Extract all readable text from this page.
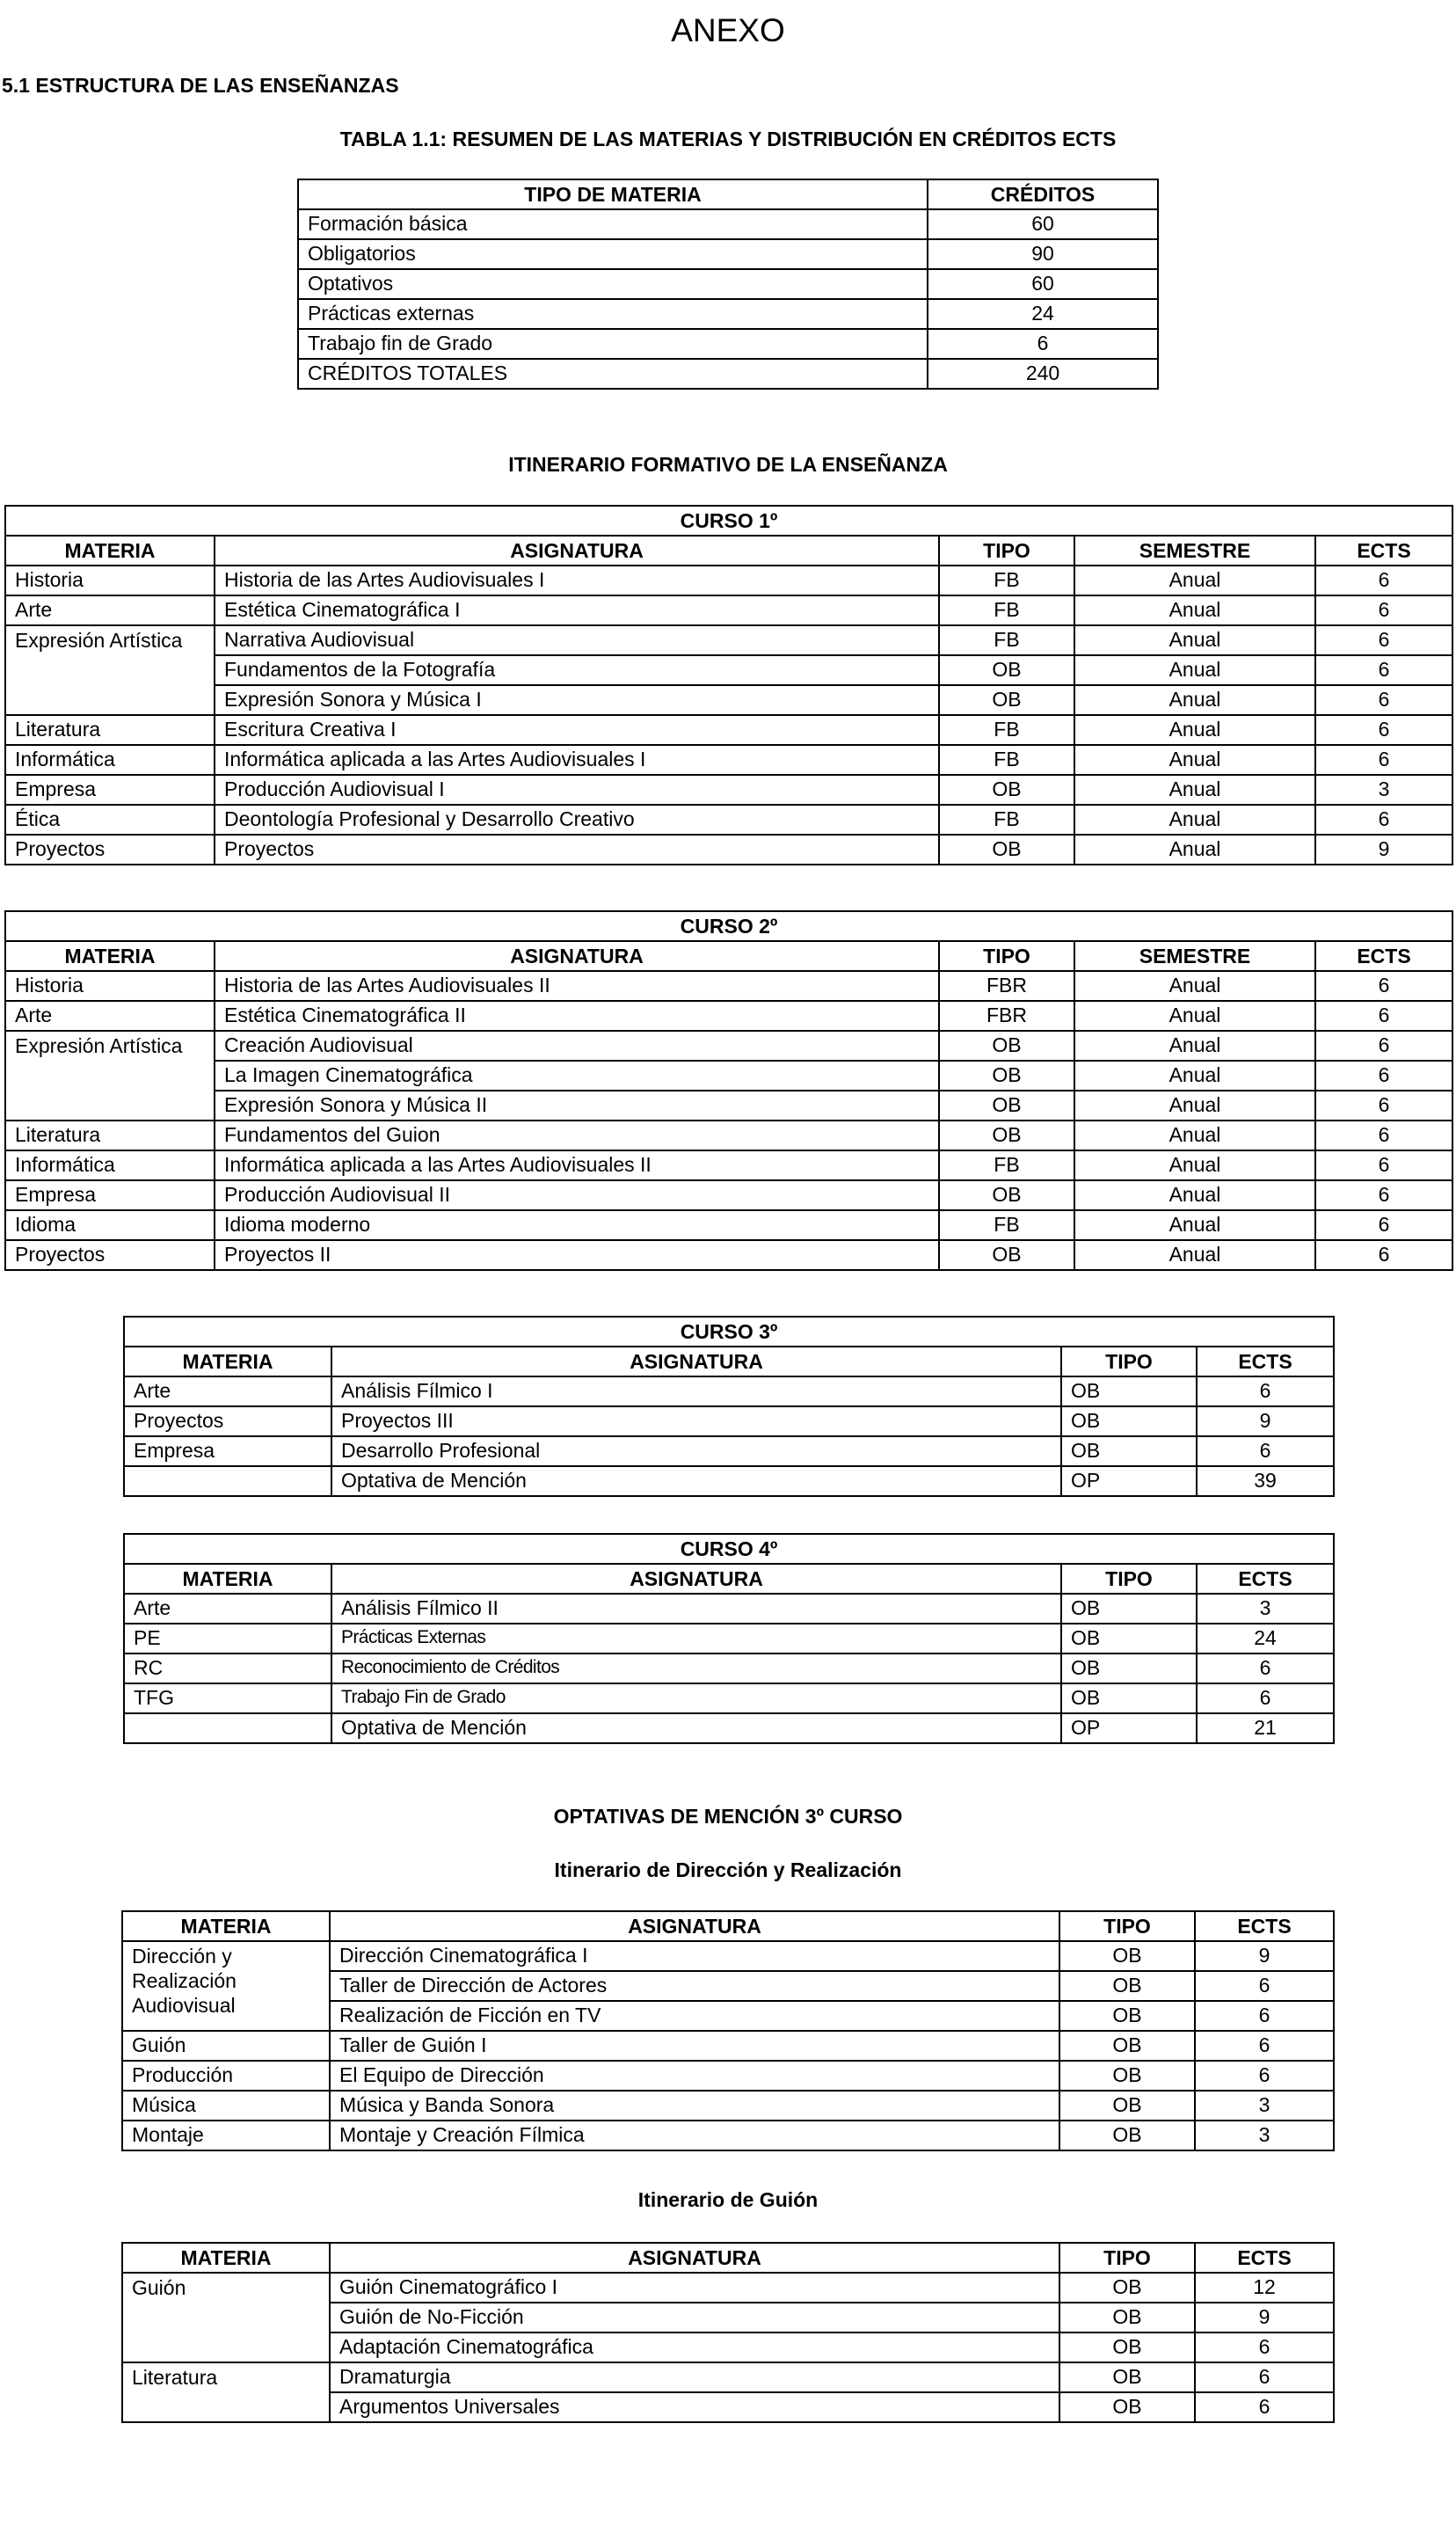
ANEXO
5.1 ESTRUCTURA DE LAS ENSEÑANZAS
TABLA 1.1: RESUMEN DE LAS MATERIAS Y DISTRIBUCIÓN EN CRÉDITOS ECTS
TIPO DE MATERIA	CRÉDITOS
Formación básica	60
Obligatorios	90
Optativos	60
Prácticas externas	24
Trabajo fin de Grado	6
CRÉDITOS TOTALES	240
ITINERARIO FORMATIVO DE LA ENSEÑANZA
CURSO 1º				
MATERIA	ASIGNATURA	TIPO	SEMESTRE	ECTS
Historia	Historia de las Artes Audiovisuales I	FB	Anual	6
Arte	Estética Cinematográfica I	FB	Anual	6
Expresión Artística	Narrativa Audiovisual	FB	Anual	6
	Fundamentos de la Fotografía	OB	Anual	6
	Expresión Sonora y Música I	OB	Anual	6
Literatura	Escritura Creativa I	FB	Anual	6
Informática	Informática aplicada a las Artes Audiovisuales I	FB	Anual	6
Empresa	Producción Audiovisual I	OB	Anual	3
Ética	Deontología Profesional y Desarrollo Creativo	FB	Anual	6
Proyectos	Proyectos	OB	Anual	9
CURSO 2º				
MATERIA	ASIGNATURA	TIPO	SEMESTRE	ECTS
Historia	Historia de las Artes Audiovisuales II	FBR	Anual	6
Arte	Estética Cinematográfica II	FBR	Anual	6
Expresión Artística	Creación Audiovisual	OB	Anual	6
	La Imagen Cinematográfica	OB	Anual	6
	Expresión Sonora y Música II	OB	Anual	6
Literatura	Fundamentos del Guion	OB	Anual	6
Informática	Informática aplicada a las Artes Audiovisuales II	FB	Anual	6
Empresa	Producción Audiovisual II	OB	Anual	6
Idioma	Idioma moderno	FB	Anual	6
Proyectos	Proyectos II	OB	Anual	6
CURSO 3º			
MATERIA	ASIGNATURA	TIPO	ECTS
Arte	Análisis Fílmico I	OB	6
Proyectos	Proyectos III	OB	9
Empresa	Desarrollo Profesional	OB	6
	Optativa de Mención	OP	39
CURSO 4º			
MATERIA	ASIGNATURA	TIPO	ECTS
Arte	Análisis Fílmico II	OB	3
PE	Prácticas Externas	OB	24
RC	Reconocimiento de Créditos	OB	6
TFG	Trabajo Fin de Grado	OB	6
	Optativa de Mención	OP	21
OPTATIVAS DE MENCIÓN 3º CURSO
Itinerario de Dirección y Realización
MATERIA	ASIGNATURA	TIPO	ECTS
Dirección y Realización Audiovisual	Dirección Cinematográfica I	OB	9
	Taller de Dirección de Actores	OB	6
	Realización de Ficción en TV	OB	6
Guión	Taller de Guión I	OB	6
Producción	El Equipo de Dirección	OB	6
Música	Música y Banda Sonora	OB	3
Montaje	Montaje y Creación Fílmica	OB	3
Itinerario de Guión
MATERIA	ASIGNATURA	TIPO	ECTS
Guión	Guión Cinematográfico I	OB	12
	Guión de No-Ficción	OB	9
	Adaptación Cinematográfica	OB	6
Literatura	Dramaturgia	OB	6
	Argumentos Universales	OB	6
